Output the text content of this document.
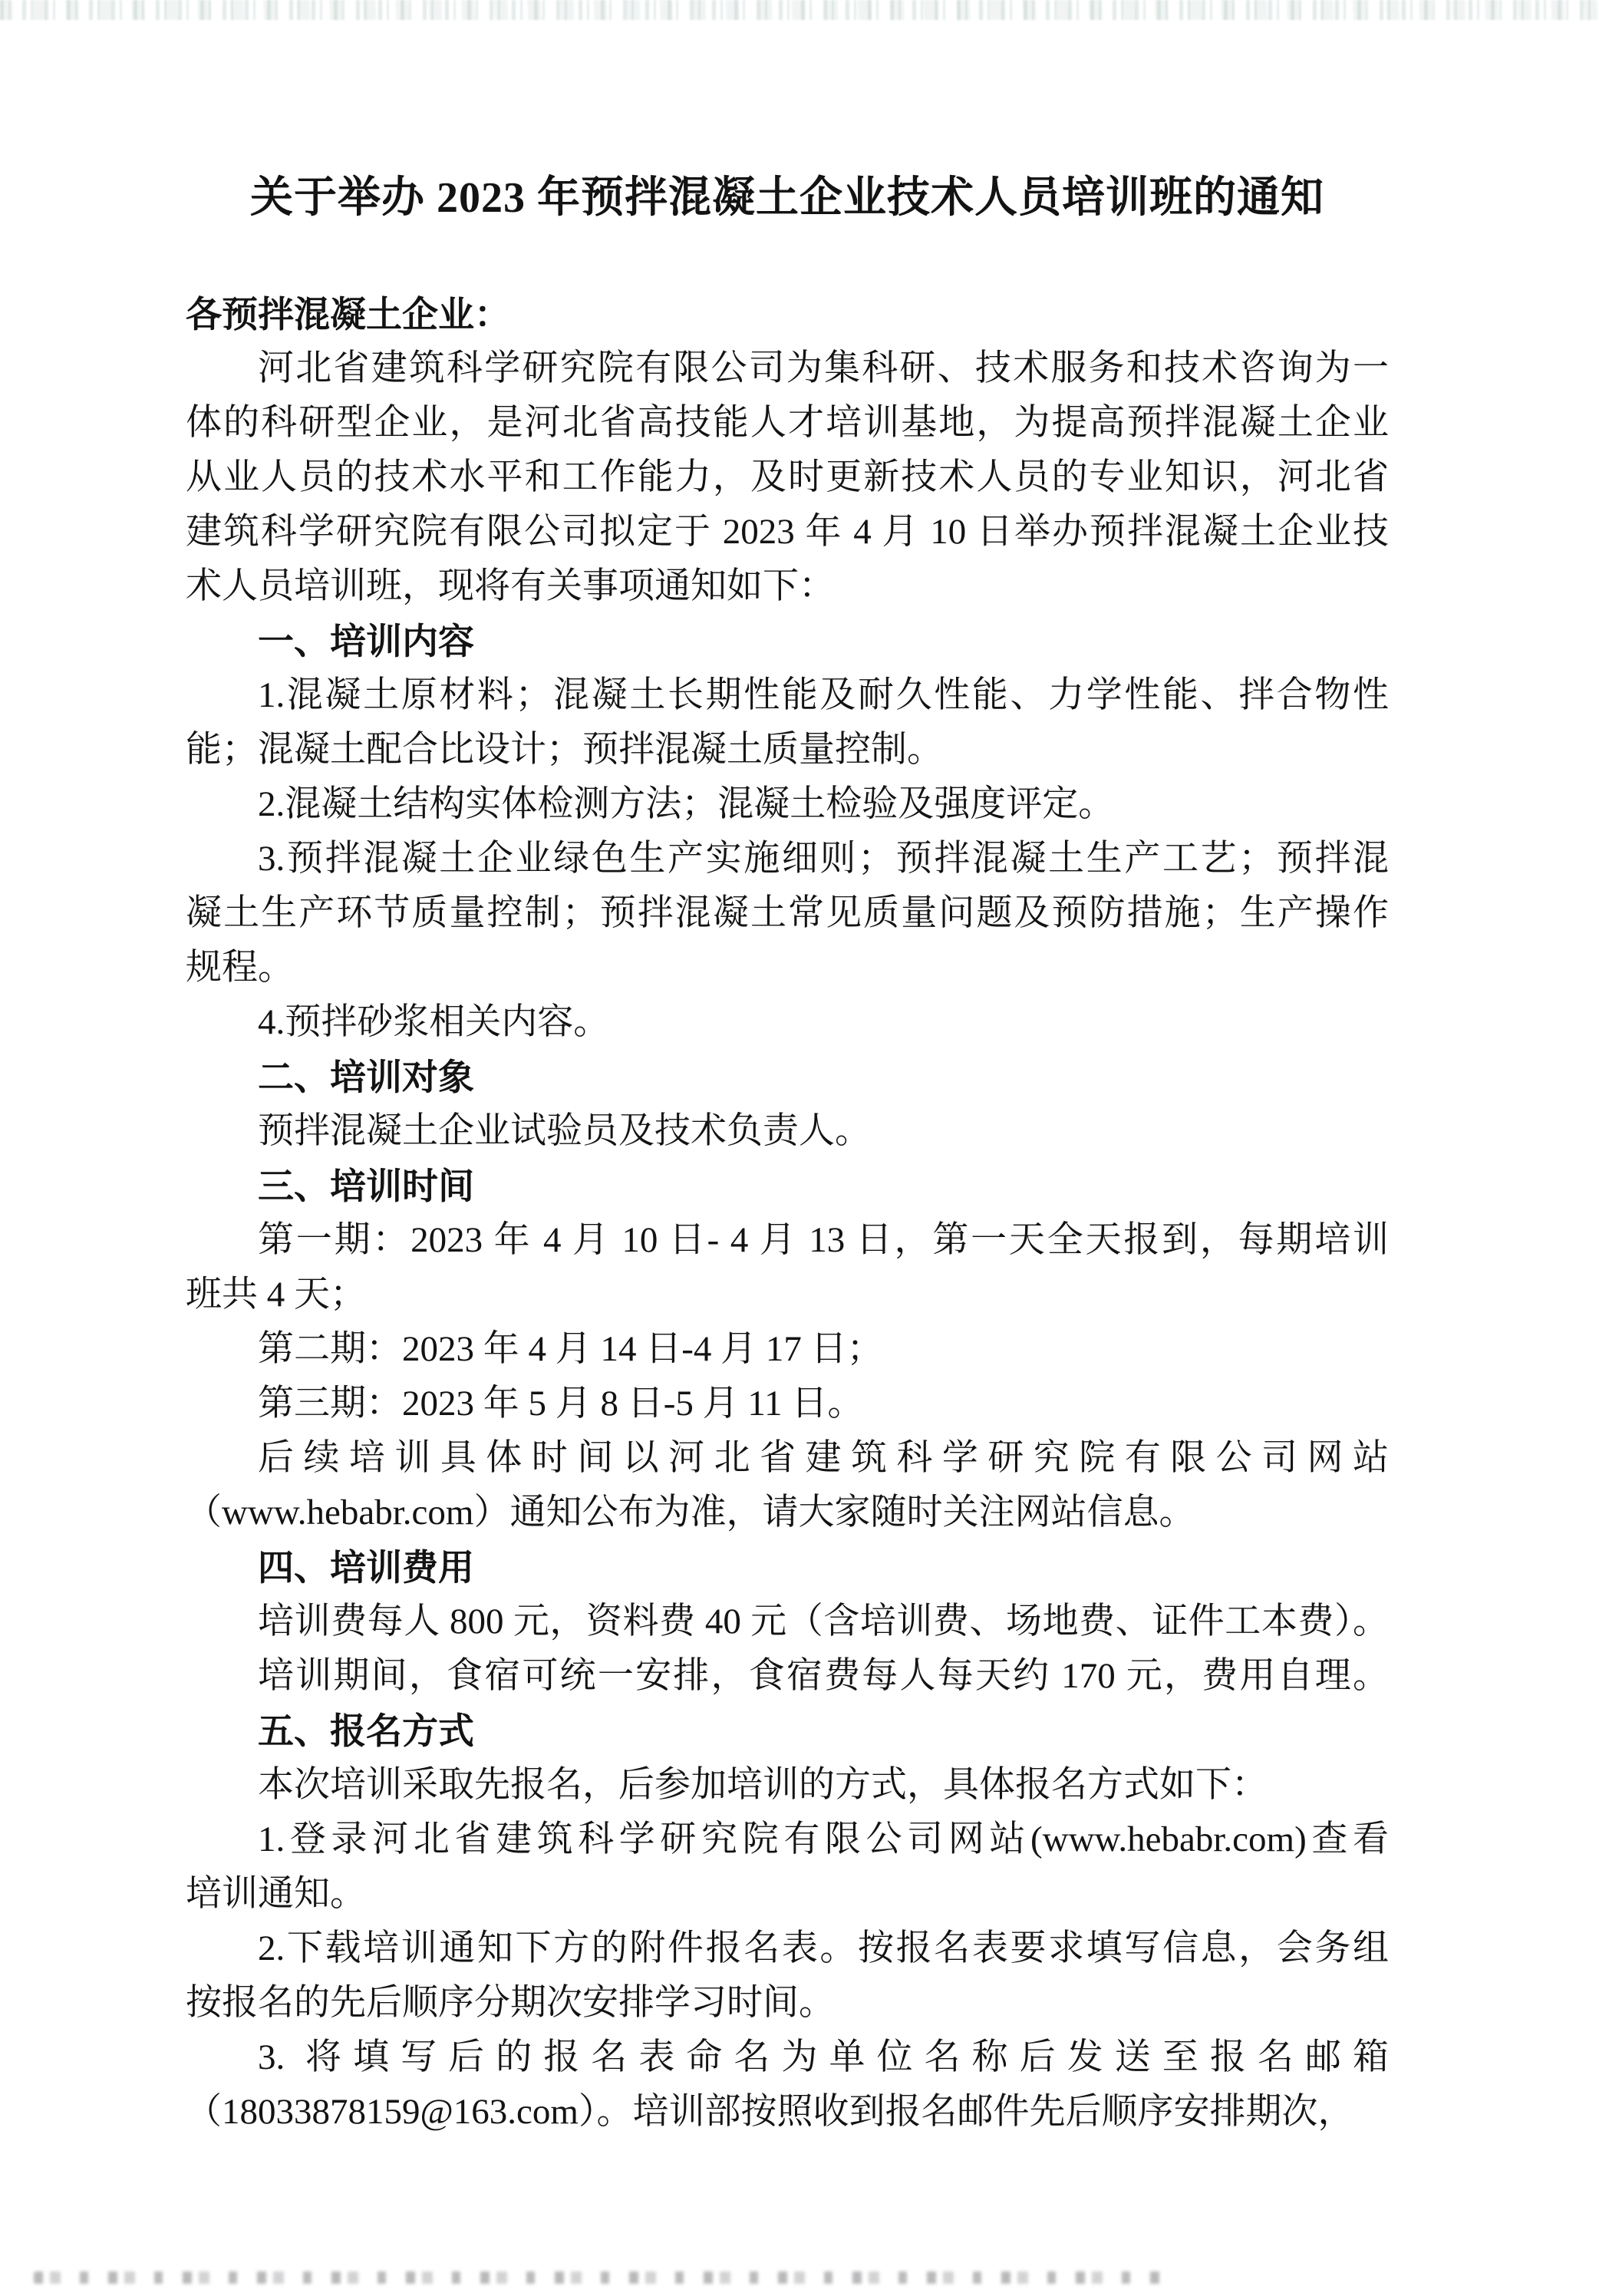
关于举办 2023 年预拌混凝土企业技术人员培训班的通知
各预拌混凝土企业：
河北省建筑科学研究院有限公司为集科研、技术服务和技术咨询为一
体的科研型企业，是河北省高技能人才培训基地，为提高预拌混凝土企业
从业人员的技术水平和工作能力，及时更新技术人员的专业知识，河北省
建筑科学研究院有限公司拟定于 2023 年 4 月 10 日举办预拌混凝土企业技
术人员培训班，现将有关事项通知如下：
一、培训内容
1.混凝土原材料；混凝土长期性能及耐久性能、力学性能、拌合物性
能；混凝土配合比设计；预拌混凝土质量控制。
2.混凝土结构实体检测方法；混凝土检验及强度评定。
3.预拌混凝土企业绿色生产实施细则；预拌混凝土生产工艺；预拌混
凝土生产环节质量控制；预拌混凝土常见质量问题及预防措施；生产操作
规程。
4.预拌砂浆相关内容。
二、培训对象
预拌混凝土企业试验员及技术负责人。
三、培训时间
第一期：2023 年 4 月 10 日- 4 月 13 日，第一天全天报到，每期培训
班共 4 天；
第二期：2023 年 4 月 14 日-4 月 17 日；
第三期：2023 年 5 月 8 日-5 月 11 日。
后续培训具体时间以河北省建筑科学研究院有限公司网站
（www.hebabr.com）通知公布为准，请大家随时关注网站信息。
四、培训费用
培训费每人 800 元，资料费 40 元（含培训费、场地费、证件工本费）。
培训期间，食宿可统一安排，食宿费每人每天约 170 元，费用自理。
五、报名方式
本次培训采取先报名，后参加培训的方式，具体报名方式如下：
1.登录河北省建筑科学研究院有限公司网站(www.hebabr.com)查看
培训通知。
2.下载培训通知下方的附件报名表。按报名表要求填写信息，会务组
按报名的先后顺序分期次安排学习时间。
3. 将填写后的报名表命名为单位名称后发送至报名邮箱
（18033878159@163.com）。培训部按照收到报名邮件先后顺序安排期次，
